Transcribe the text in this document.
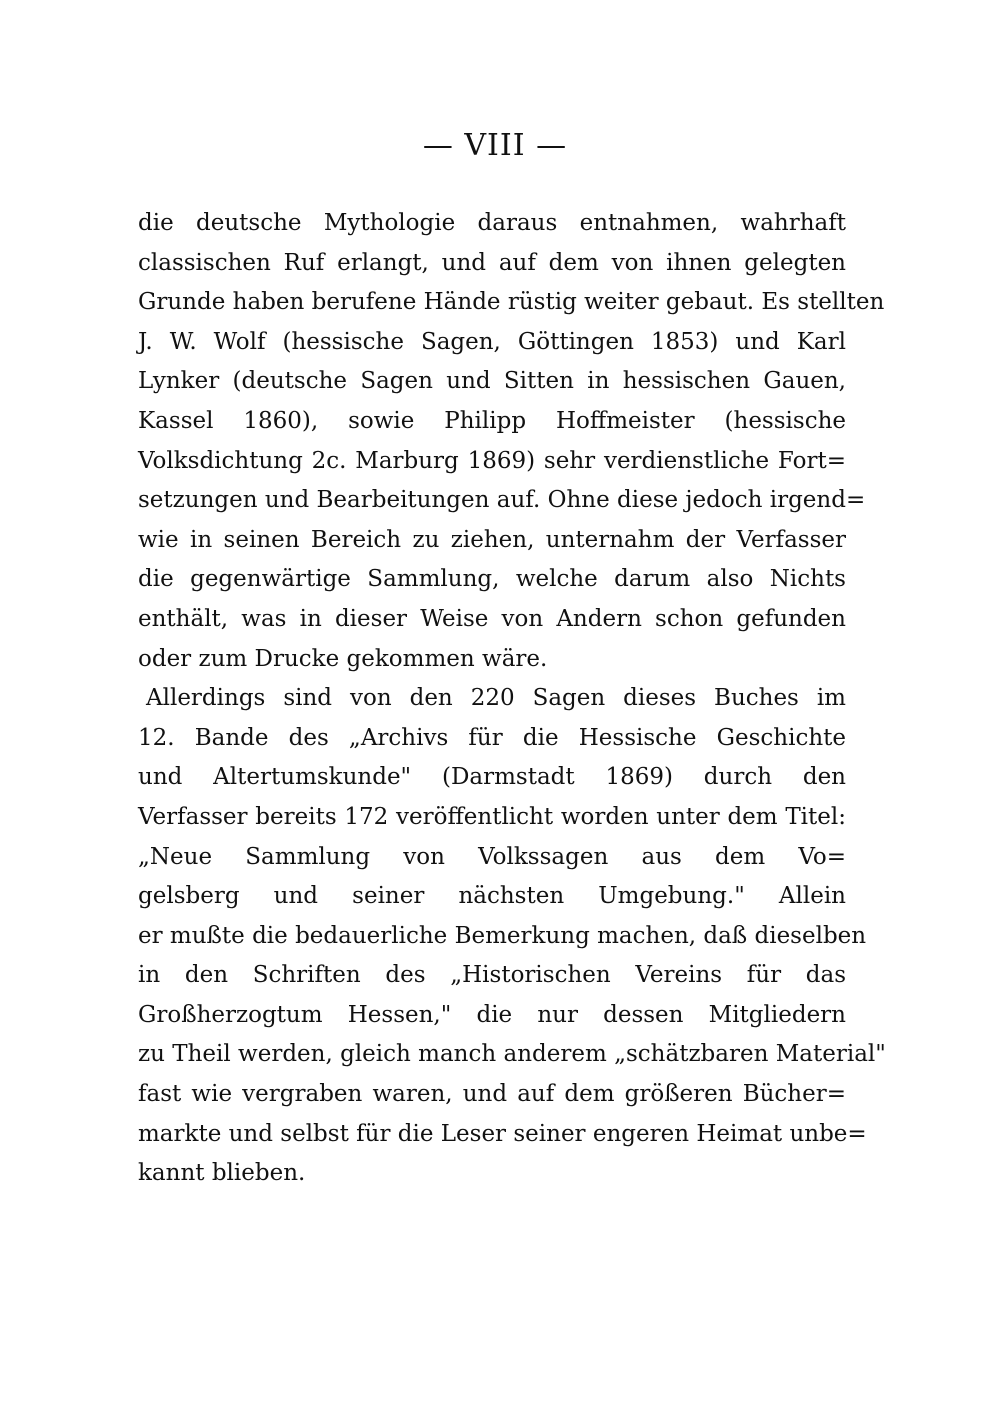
— VIII —
die deutsche Mythologie daraus entnahmen, wahrhaft
classischen Ruf erlangt, und auf dem von ihnen gelegten
Grunde haben berufene Hände rüstig weiter gebaut. Es stellten
J. W. Wolf (hessische Sagen, Göttingen 1853) und Karl
Lynker (deutsche Sagen und Sitten in hessischen Gauen,
Kassel 1860), sowie Philipp Hoffmeister (hessische
Volksdichtung 2c. Marburg 1869) sehr verdienstliche Fort=
setzungen und Bearbeitungen auf. Ohne diese jedoch irgend=
wie in seinen Bereich zu ziehen, unternahm der Verfasser
die gegenwärtige Sammlung, welche darum also Nichts
enthält, was in dieser Weise von Andern schon gefunden
oder zum Drucke gekommen wäre.
Allerdings sind von den 220 Sagen dieses Buches im
12. Bande des „Archivs für die Hessische Geschichte
und Altertumskunde" (Darmstadt 1869) durch den
Verfasser bereits 172 veröffentlicht worden unter dem Titel:
„Neue Sammlung von Volkssagen aus dem Vo=
gelsberg und seiner nächsten Umgebung." Allein
er mußte die bedauerliche Bemerkung machen, daß dieselben
in den Schriften des „Historischen Vereins für das
Großherzogtum Hessen," die nur dessen Mitgliedern
zu Theil werden, gleich manch anderem „schätzbaren Material"
fast wie vergraben waren, und auf dem größeren Bücher=
markte und selbst für die Leser seiner engeren Heimat unbe=
kannt blieben.
